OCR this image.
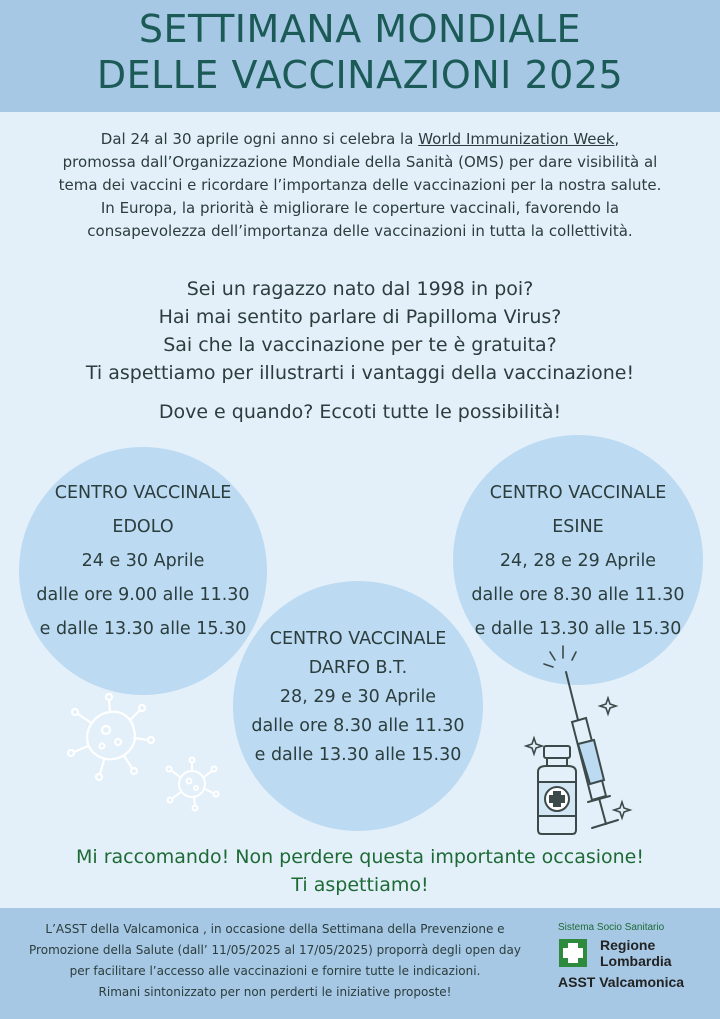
SETTIMANA MONDIALE
DELLE VACCINAZIONI 2025
Dal 24 al 30 aprile ogni anno si celebra la World Immunization Week,
promossa dall’Organizzazione Mondiale della Sanità (OMS) per dare visibilità al
tema dei vaccini e ricordare l’importanza delle vaccinazioni per la nostra salute.
In Europa, la priorità è migliorare le coperture vaccinali, favorendo la
consapevolezza dell’importanza delle vaccinazioni in tutta la collettività.
Sei un ragazzo nato dal 1998 in poi?
Hai mai sentito parlare di Papilloma Virus?
Sai che la vaccinazione per te è gratuita?
Ti aspettiamo per illustrarti i vantaggi della vaccinazione!
Dove e quando? Eccoti tutte le possibilità!
CENTRO VACCINALE
EDOLO
24 e 30 Aprile
dalle ore 9.00 alle 11.30
e dalle 13.30 alle 15.30
CENTRO VACCINALE
ESINE
24, 28 e 29 Aprile
dalle ore 8.30 alle 11.30
e dalle 13.30 alle 15.30
CENTRO VACCINALE
DARFO B.T.
28, 29 e 30 Aprile
dalle ore 8.30 alle 11.30
e dalle 13.30 alle 15.30
Mi raccomando! Non perdere questa importante occasione!
Ti aspettiamo!
L’ASST della Valcamonica , in occasione della Settimana della Prevenzione e
Promozione della Salute (dall’ 11/05/2025 al 17/05/2025) proporrà degli open day
per facilitare l’accesso alle vaccinazioni e fornire tutte le indicazioni.
Rimani sintonizzato per non perderti le iniziative proposte!
Sistema Socio Sanitario
Regione
Lombardia
ASST Valcamonica
